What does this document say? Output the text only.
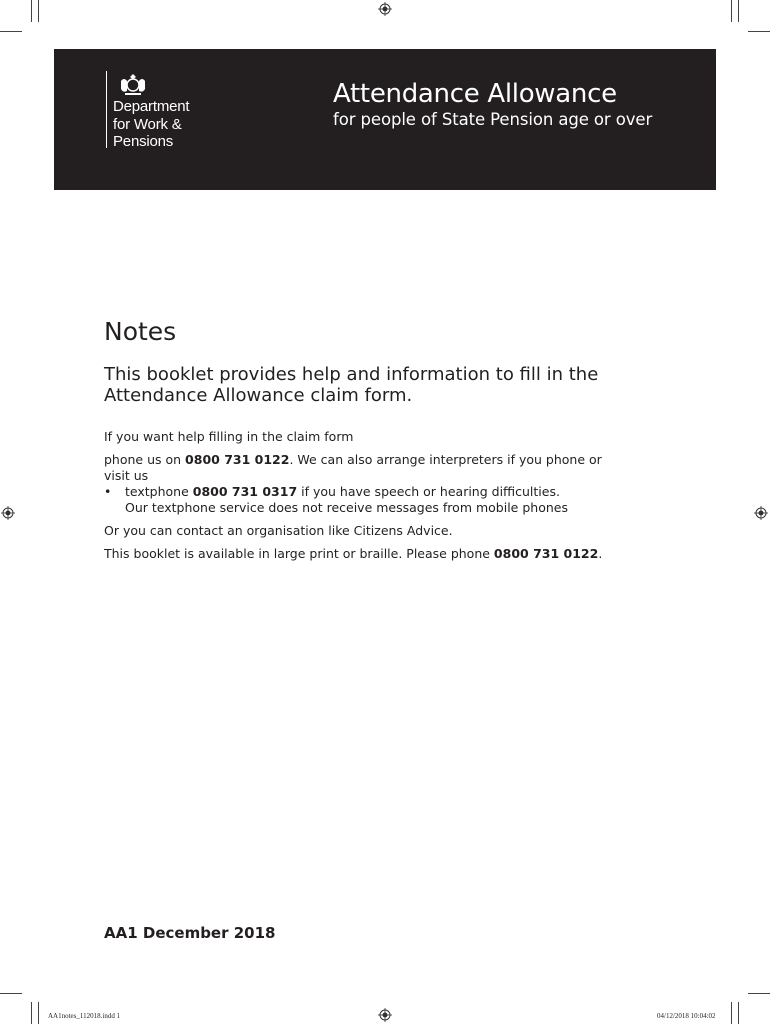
Department
for Work &
Pensions
Attendance Allowance
for people of State Pension age or over
Notes
This booklet provides help and information to fill in the Attendance Allowance claim form.
If you want help filling in the claim form
phone us on 0800 731 0122. We can also arrange interpreters if you phone or visit us
• textphone 0800 731 0317 if you have speech or hearing difficulties.
Our textphone service does not receive messages from mobile phones
Or you can contact an organisation like Citizens Advice.
This booklet is available in large print or braille. Please phone 0800 731 0122.
AA1 December 2018
AA1notes_112018.indd 1	04/12/2018 10:04:02
